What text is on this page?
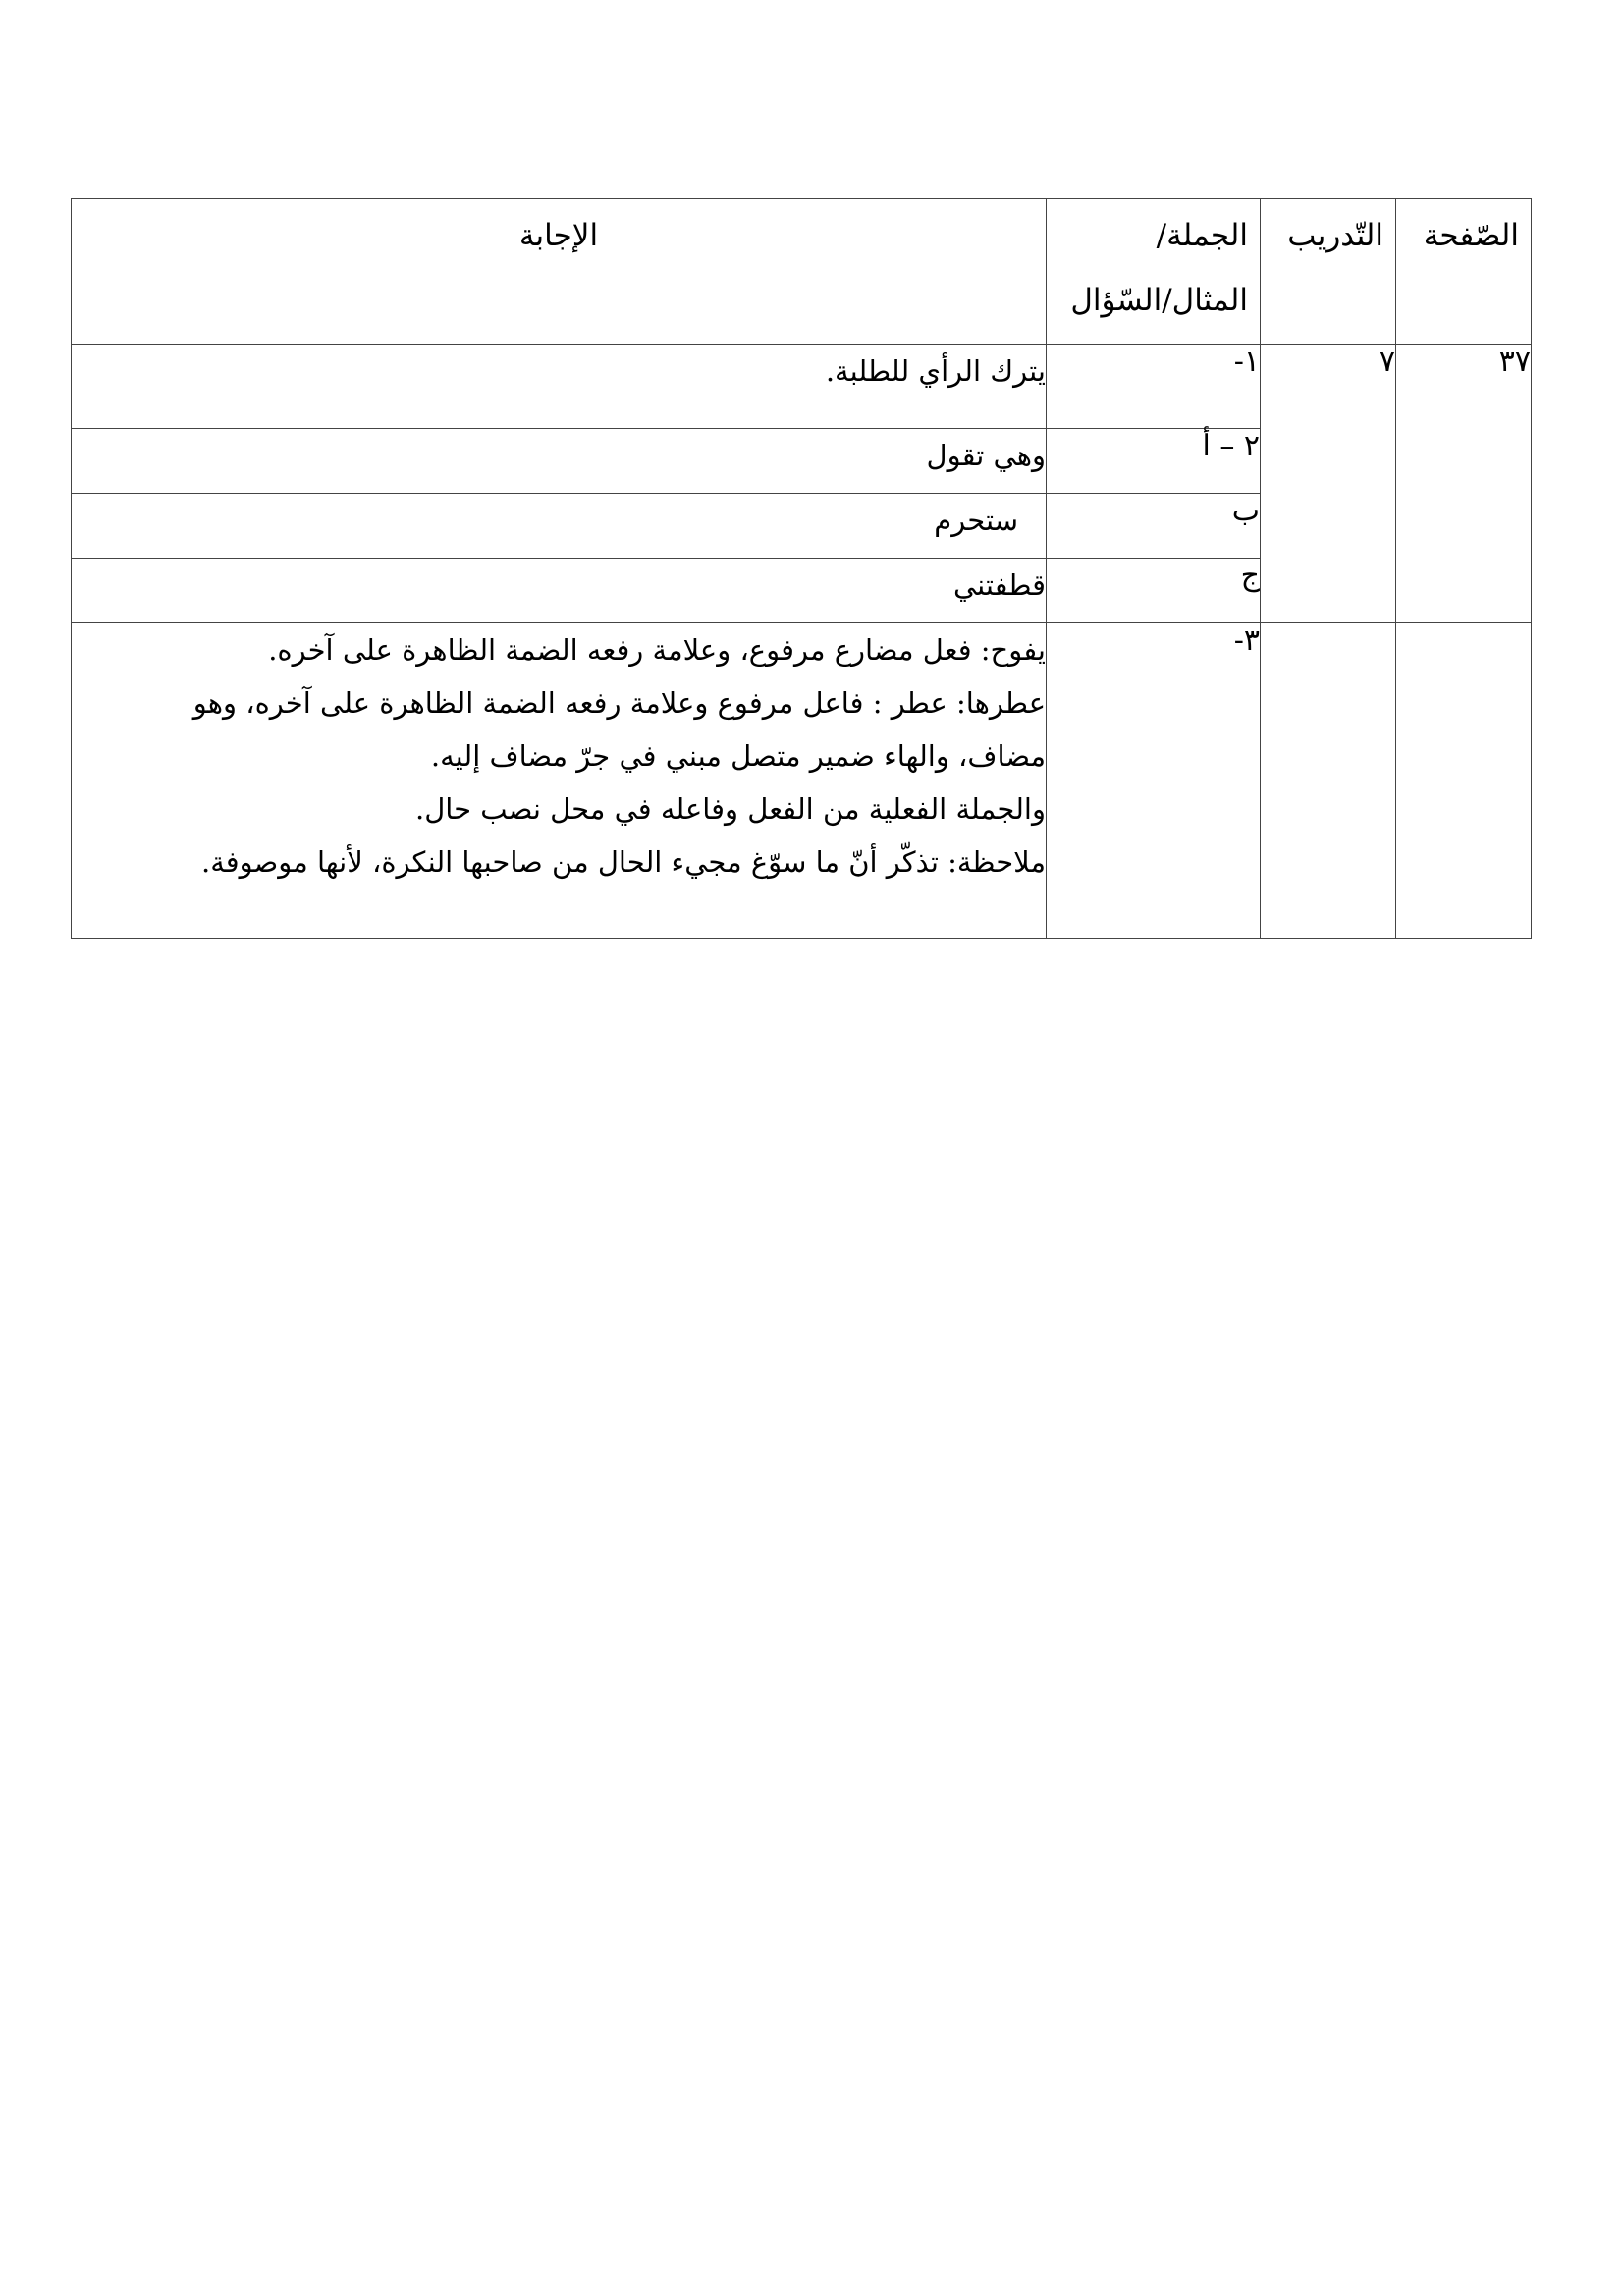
الصّفحة	التّدريب	الجملة/
المثال/السّؤال	الإجابة
٣٧	٧	١-	يترك الرأي للطلبة.
		٢ – أ	وهي تقول
		ب	ستحرم
		ج	قطفتني
		٣-	يفوح: فعل مضارع مرفوع، وعلامة رفعه الضمة الظاهرة على آخره.
عطرها: عطر : فاعل مرفوع وعلامة رفعه الضمة الظاهرة على آخره، وهو
مضاف، والهاء ضمير متصل مبني في جرّ مضاف إليه.
والجملة الفعلية من الفعل وفاعله في محل نصب حال.
ملاحظة: تذكّر أنّ ما سوّغ مجيء الحال من صاحبها النكرة، لأنها موصوفة.
